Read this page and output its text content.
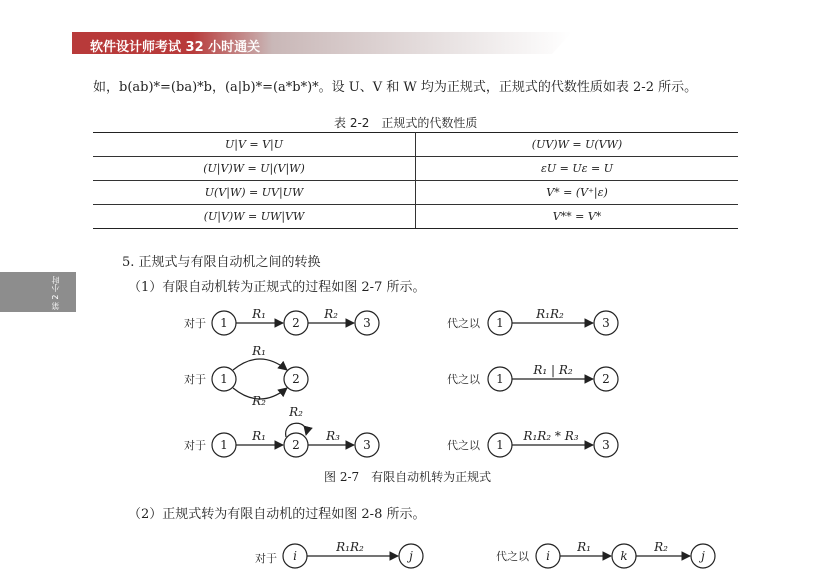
软件设计师考试 32 小时通关
第 2 小时
如，b(ab)*=(ba)*b，(a|b)*=(a*b*)*。设 U、V 和 W 均为正规式，正规式的代数性质如表 2-2 所示。
表 2-2　正规式的代数性质
U|V = V|U	(UV)W = U(VW)
(U|V)W = U|(V|W)	εU = Uε = U
U(V|W) = UV|UW	V* = (V⁺|ε)
(U|V)W = UW|VW	V** = V*
5. 正规式与有限自动机之间的转换
（1）有限自动机转为正规式的过程如图 2-7 所示。
对于 1	2	3
R₁	R₂
代之以 1	3
R₁R₂
对于 1	2
R₁
R₂
代之以 1	2
R₁ | R₂
对于 1	2	3
R₁
R₂
R₃
代之以 1	3
R₁R₂ * R₃
对于 i	j
R₁R₂
代之以 i	k	j
R₁	R₂
图 2-7　有限自动机转为正规式
（2）正规式转为有限自动机的过程如图 2-8 所示。
